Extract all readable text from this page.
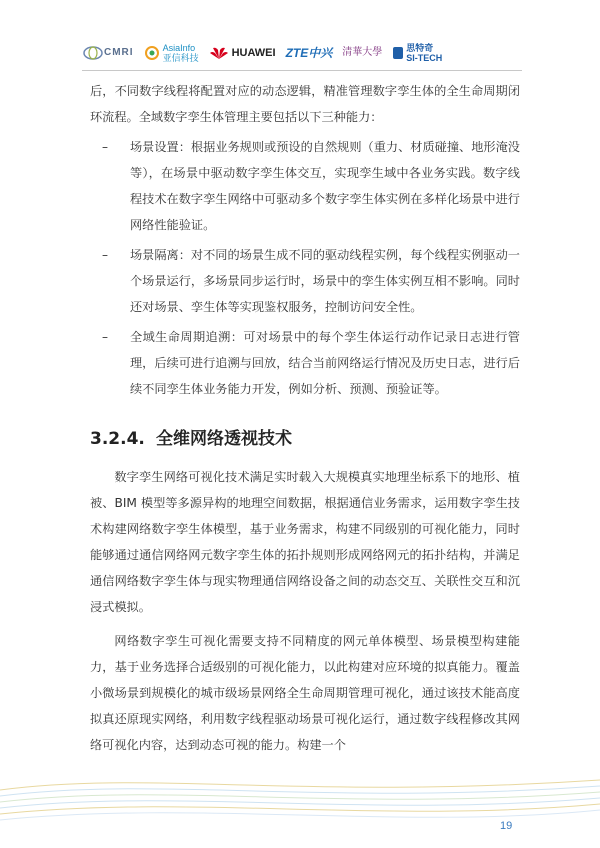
CMRI	AsiaInfo
亚信科技	HUAWEI ZTE中兴 清華大學	思特奇
SI-TECH

后，不同数字线程将配置对应的动态逻辑，精准管理数字孪生体的全生命周期闭环流程。全域数字孪生体管理主要包括以下三种能力：

– 场景设置：根据业务规则或预设的自然规则（重力、材质碰撞、地形淹没等），在场景中驱动数字孪生体交互，实现孪生域中各业务实践。数字线程技术在数字孪生网络中可驱动多个数字孪生体实例在多样化场景中进行网络性能验证。

– 场景隔离：对不同的场景生成不同的驱动线程实例，每个线程实例驱动一个场景运行，多场景同步运行时，场景中的孪生体实例互相不影响。同时还对场景、孪生体等实现鉴权服务，控制访问安全性。

– 全域生命周期追溯：可对场景中的每个孪生体运行动作记录日志进行管理，后续可进行追溯与回放，结合当前网络运行情况及历史日志，进行后续不同孪生体业务能力开发，例如分析、预测、预验证等。

3.2.4. 全维网络透视技术

数字孪生网络可视化技术满足实时载入大规模真实地理坐标系下的地形、植被、BIM 模型等多源异构的地理空间数据，根据通信业务需求，运用数字孪生技术构建网络数字孪生体模型，基于业务需求，构建不同级别的可视化能力，同时能够通过通信网络网元数字孪生体的拓扑规则形成网络网元的拓扑结构，并满足通信网络数字孪生体与现实物理通信网络设备之间的动态交互、关联性交互和沉浸式模拟。

网络数字孪生可视化需要支持不同精度的网元单体模型、场景模型构建能力，基于业务选择合适级别的可视化能力，以此构建对应环境的拟真能力。覆盖小微场景到规模化的城市级场景网络全生命周期管理可视化，通过该技术能高度拟真还原现实网络，利用数字线程驱动场景可视化运行，通过数字线程修改其网络可视化内容，达到动态可视的能力。构建一个

19
